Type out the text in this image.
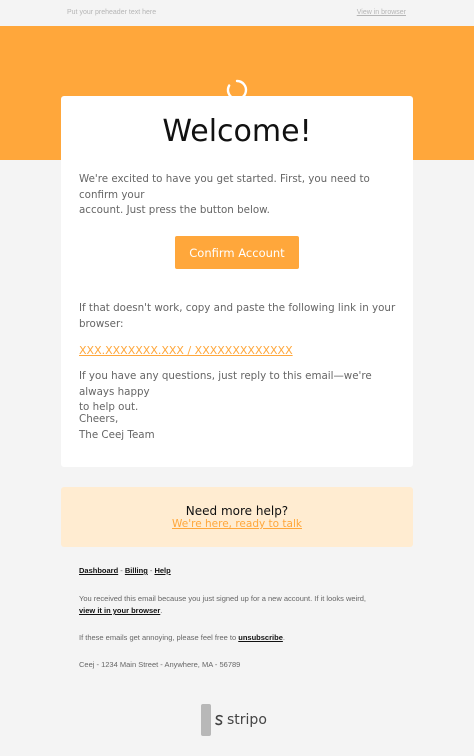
Put your preheader text here	View in browser
Welcome!
We're excited to have you get started. First, you need to confirm your
account. Just press the button below.
Confirm Account
If that doesn't work, copy and paste the following link in your
browser:
XXX.XXXXXXX.XXX / XXXXXXXXXXXXX
If you have any questions, just reply to this email—we're always happy
to help out.
Cheers,
The Ceej Team
Need more help?
We're here, ready to talk
Dashboard - Billing - Help
You received this email because you just signed up for a new account. If it looks weird,
view it in your browser.
If these emails get annoying, please feel free to unsubscribe.
Ceej - 1234 Main Street - Anywhere, MA - 56789
stripo
